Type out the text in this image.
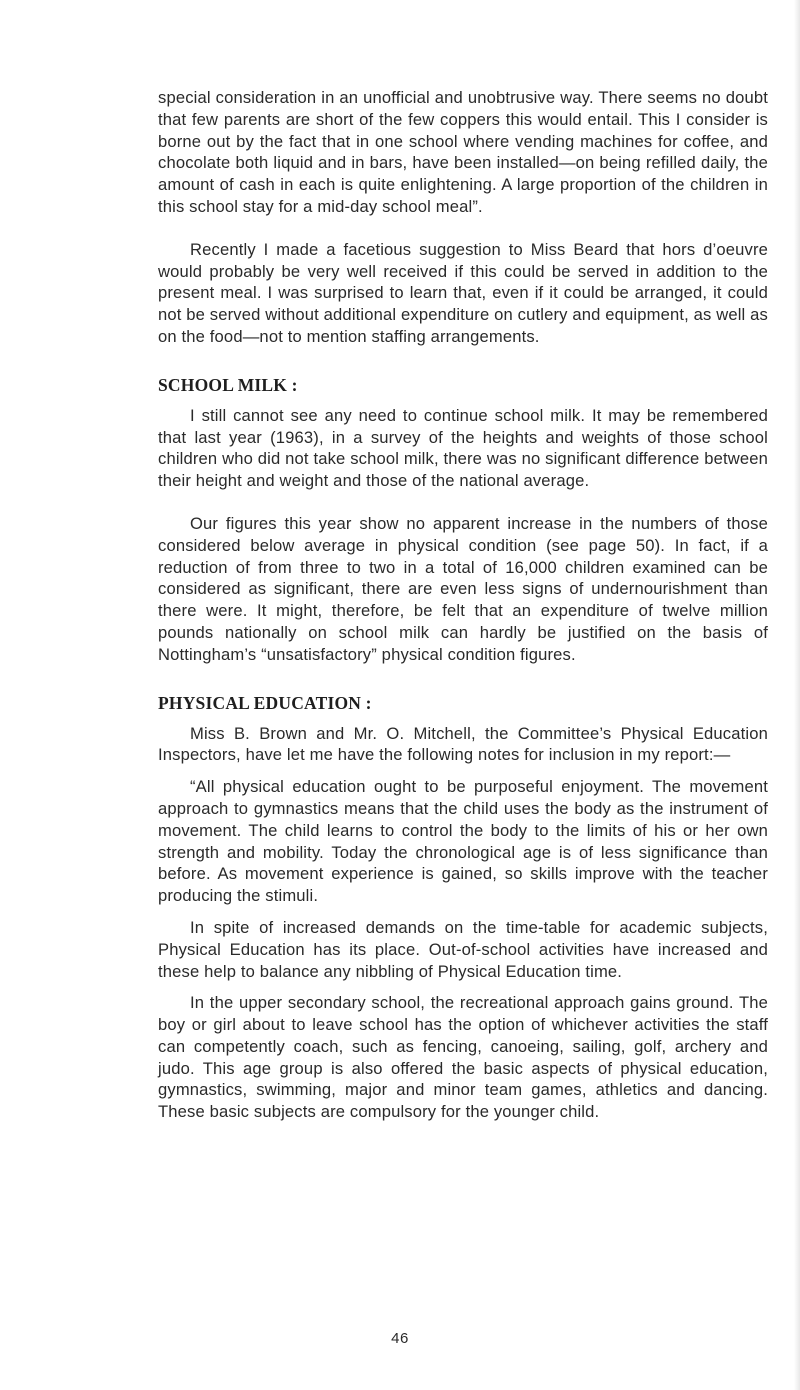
special consideration in an unofficial and unobtrusive way. There seems no doubt that few parents are short of the few coppers this would entail. This I consider is borne out by the fact that in one school where vending machines for coffee, and chocolate both liquid and in bars, have been installed—on being refilled daily, the amount of cash in each is quite enlightening. A large proportion of the children in this school stay for a mid-day school meal”.

Recently I made a facetious suggestion to Miss Beard that hors d’oeuvre would probably be very well received if this could be served in addition to the present meal. I was surprised to learn that, even if it could be arranged, it could not be served without additional expenditure on cutlery and equipment, as well as on the food—not to mention staffing arrangements.

SCHOOL MILK :

I still cannot see any need to continue school milk. It may be remembered that last year (1963), in a survey of the heights and weights of those school children who did not take school milk, there was no significant difference between their height and weight and those of the national average.

Our figures this year show no apparent increase in the numbers of those considered below average in physical condition (see page 50). In fact, if a reduction of from three to two in a total of 16,000 children examined can be considered as significant, there are even less signs of undernourishment than there were. It might, therefore, be felt that an expenditure of twelve million pounds nationally on school milk can hardly be justified on the basis of Nottingham’s “unsatisfactory” physical condition figures.

PHYSICAL EDUCATION :

Miss B. Brown and Mr. O. Mitchell, the Committee’s Physical Education Inspectors, have let me have the following notes for inclusion in my report:—

“All physical education ought to be purposeful enjoyment. The movement approach to gymnastics means that the child uses the body as the instrument of movement. The child learns to control the body to the limits of his or her own strength and mobility. Today the chronological age is of less significance than before. As movement experience is gained, so skills improve with the teacher producing the stimuli.

In spite of increased demands on the time-table for academic subjects, Physical Education has its place. Out-of-school activities have increased and these help to balance any nibbling of Physical Education time.

In the upper secondary school, the recreational approach gains ground. The boy or girl about to leave school has the option of whichever activities the staff can competently coach, such as fencing, canoeing, sailing, golf, archery and judo. This age group is also offered the basic aspects of physical education, gymnastics, swimming, major and minor team games, athletics and dancing. These basic subjects are compulsory for the younger child.

46
